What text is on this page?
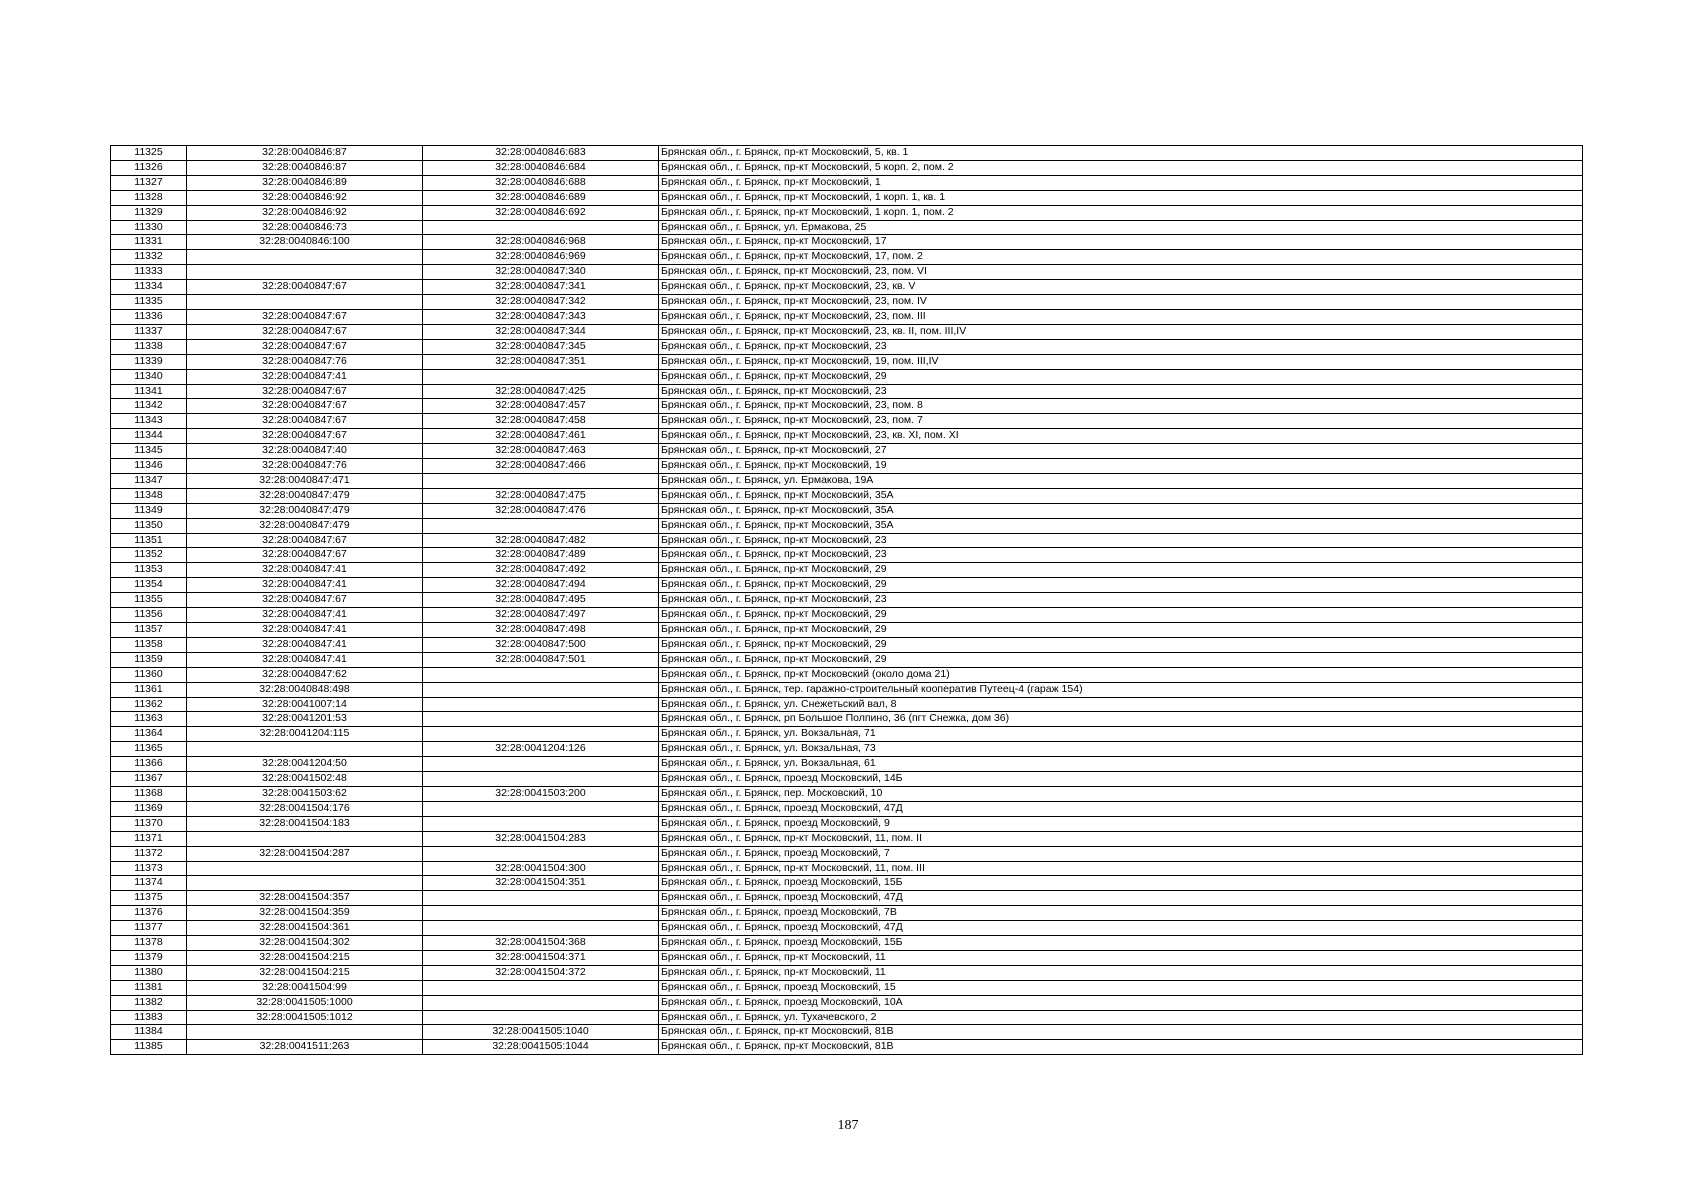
11325	32:28:0040846:87	32:28:0040846:683	Брянская обл., г. Брянск, пр-кт Московский, 5, кв. 1
11326	32:28:0040846:87	32:28:0040846:684	Брянская обл., г. Брянск, пр-кт Московский, 5 корп. 2, пом. 2
11327	32:28:0040846:89	32:28:0040846:688	Брянская обл., г. Брянск, пр-кт Московский, 1
11328	32:28:0040846:92	32:28:0040846:689	Брянская обл., г. Брянск, пр-кт Московский, 1 корп. 1, кв. 1
11329	32:28:0040846:92	32:28:0040846:692	Брянская обл., г. Брянск, пр-кт Московский, 1 корп. 1, пом. 2
11330	32:28:0040846:73		Брянская обл., г. Брянск, ул. Ермакова, 25
11331	32:28:0040846:100	32:28:0040846:968	Брянская обл., г. Брянск, пр-кт Московский, 17
11332		32:28:0040846:969	Брянская обл., г. Брянск, пр-кт Московский, 17, пом. 2
11333		32:28:0040847:340	Брянская обл., г. Брянск, пр-кт Московский, 23, пом. VI
11334	32:28:0040847:67	32:28:0040847:341	Брянская обл., г. Брянск, пр-кт Московский, 23, кв. V
11335		32:28:0040847:342	Брянская обл., г. Брянск, пр-кт Московский, 23, пом. IV
11336	32:28:0040847:67	32:28:0040847:343	Брянская обл., г. Брянск, пр-кт Московский, 23, пом. III
11337	32:28:0040847:67	32:28:0040847:344	Брянская обл., г. Брянск, пр-кт Московский, 23, кв. II, пом. III,IV
11338	32:28:0040847:67	32:28:0040847:345	Брянская обл., г. Брянск, пр-кт Московский, 23
11339	32:28:0040847:76	32:28:0040847:351	Брянская обл., г. Брянск, пр-кт Московский, 19, пом. III,IV
11340	32:28:0040847:41		Брянская обл., г. Брянск, пр-кт Московский, 29
11341	32:28:0040847:67	32:28:0040847:425	Брянская обл., г. Брянск, пр-кт Московский, 23
11342	32:28:0040847:67	32:28:0040847:457	Брянская обл., г. Брянск, пр-кт Московский, 23, пом. 8
11343	32:28:0040847:67	32:28:0040847:458	Брянская обл., г. Брянск, пр-кт Московский, 23, пом. 7
11344	32:28:0040847:67	32:28:0040847:461	Брянская обл., г. Брянск, пр-кт Московский, 23, кв. XI, пом. XI
11345	32:28:0040847:40	32:28:0040847:463	Брянская обл., г. Брянск, пр-кт Московский, 27
11346	32:28:0040847:76	32:28:0040847:466	Брянская обл., г. Брянск, пр-кт Московский, 19
11347	32:28:0040847:471		Брянская обл., г. Брянск, ул. Ермакова, 19А
11348	32:28:0040847:479	32:28:0040847:475	Брянская обл., г. Брянск, пр-кт Московский, 35А
11349	32:28:0040847:479	32:28:0040847:476	Брянская обл., г. Брянск, пр-кт Московский, 35А
11350	32:28:0040847:479		Брянская обл., г. Брянск, пр-кт Московский, 35А
11351	32:28:0040847:67	32:28:0040847:482	Брянская обл., г. Брянск, пр-кт Московский, 23
11352	32:28:0040847:67	32:28:0040847:489	Брянская обл., г. Брянск, пр-кт Московский, 23
11353	32:28:0040847:41	32:28:0040847:492	Брянская обл., г. Брянск, пр-кт Московский, 29
11354	32:28:0040847:41	32:28:0040847:494	Брянская обл., г. Брянск, пр-кт Московский, 29
11355	32:28:0040847:67	32:28:0040847:495	Брянская обл., г. Брянск, пр-кт Московский, 23
11356	32:28:0040847:41	32:28:0040847:497	Брянская обл., г. Брянск, пр-кт Московский, 29
11357	32:28:0040847:41	32:28:0040847:498	Брянская обл., г. Брянск, пр-кт Московский, 29
11358	32:28:0040847:41	32:28:0040847:500	Брянская обл., г. Брянск, пр-кт Московский, 29
11359	32:28:0040847:41	32:28:0040847:501	Брянская обл., г. Брянск, пр-кт Московский, 29
11360	32:28:0040847:62		Брянская обл., г. Брянск, пр-кт Московский (около дома 21)
11361	32:28:0040848:498		Брянская обл., г. Брянск, тер. гаражно-строительный кооператив Путеец-4 (гараж 154)
11362	32:28:0041007:14		Брянская обл., г. Брянск, ул. Снежетьский вал, 8
11363	32:28:0041201:53		Брянская обл., г. Брянск, рп Большое Полпино, 36 (пгт Снежка, дом 36)
11364	32:28:0041204:115		Брянская обл., г. Брянск, ул. Вокзальная, 71
11365		32:28:0041204:126	Брянская обл., г. Брянск, ул. Вокзальная, 73
11366	32:28:0041204:50		Брянская обл., г. Брянск, ул. Вокзальная, 61
11367	32:28:0041502:48		Брянская обл., г. Брянск, проезд Московский, 14Б
11368	32:28:0041503:62	32:28:0041503:200	Брянская обл., г. Брянск, пер. Московский, 10
11369	32:28:0041504:176		Брянская обл., г. Брянск, проезд Московский, 47Д
11370	32:28:0041504:183		Брянская обл., г. Брянск, проезд Московский, 9
11371		32:28:0041504:283	Брянская обл., г. Брянск, пр-кт Московский, 11, пом. II
11372	32:28:0041504:287		Брянская обл., г. Брянск, проезд Московский, 7
11373		32:28:0041504:300	Брянская обл., г. Брянск, пр-кт Московский, 11, пом. III
11374		32:28:0041504:351	Брянская обл., г. Брянск, проезд Московский, 15Б
11375	32:28:0041504:357		Брянская обл., г. Брянск, проезд Московский, 47Д
11376	32:28:0041504:359		Брянская обл., г. Брянск, проезд Московский, 7В
11377	32:28:0041504:361		Брянская обл., г. Брянск, проезд Московский, 47Д
11378	32:28:0041504:302	32:28:0041504:368	Брянская обл., г. Брянск, проезд Московский, 15Б
11379	32:28:0041504:215	32:28:0041504:371	Брянская обл., г. Брянск, пр-кт Московский, 11
11380	32:28:0041504:215	32:28:0041504:372	Брянская обл., г. Брянск, пр-кт Московский, 11
11381	32:28:0041504:99		Брянская обл., г. Брянск, проезд Московский, 15
11382	32:28:0041505:1000		Брянская обл., г. Брянск, проезд Московский, 10А
11383	32:28:0041505:1012		Брянская обл., г. Брянск, ул. Тухачевского, 2
11384		32:28:0041505:1040	Брянская обл., г. Брянск, пр-кт Московский, 81В
11385	32:28:0041511:263	32:28:0041505:1044	Брянская обл., г. Брянск, пр-кт Московский, 81В
187
